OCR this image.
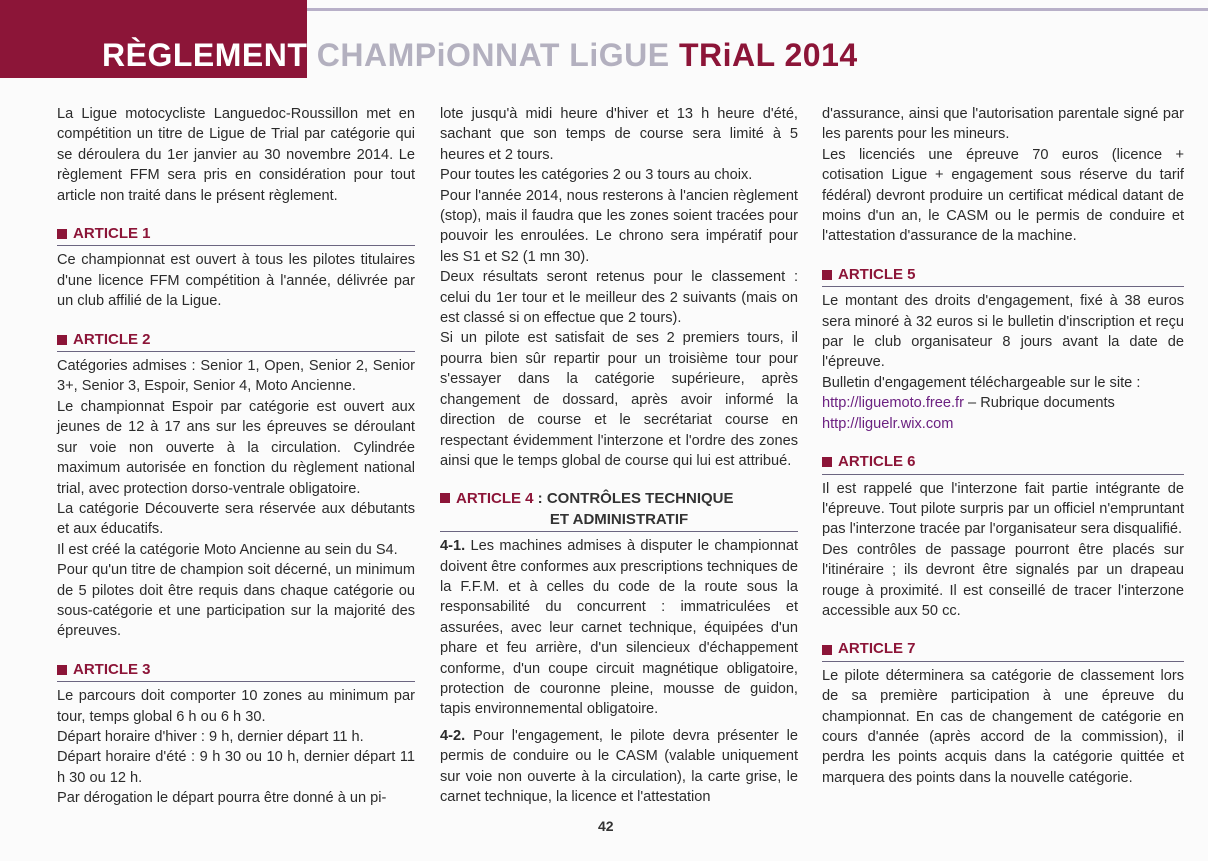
RÈGLEMENT CHAMPiONNAT LiGUE TRiAL 2014

La Ligue motocycliste Languedoc-Roussillon met en compétition un titre de Ligue de Trial par catégorie qui se déroulera du 1er janvier au 30 novembre 2014. Le règlement FFM sera pris en considération pour tout article non traité dans le présent règlement.

ARTICLE 1

Ce championnat est ouvert à tous les pilotes titulaires d'une licence FFM compétition à l'année, délivrée par un club affilié de la Ligue.

ARTICLE 2

Catégories admises : Senior 1, Open, Senior 2, Senior 3+, Senior 3, Espoir, Senior 4, Moto Ancienne.

Le championnat Espoir par catégorie est ouvert aux jeunes de 12 à 17 ans sur les épreuves se déroulant sur voie non ouverte à la circulation. Cylindrée maximum autorisée en fonction du règlement national trial, avec protection dorso-ventrale obligatoire.

La catégorie Découverte sera réservée aux débutants et aux éducatifs.

Il est créé la catégorie Moto Ancienne au sein du S4.

Pour qu'un titre de champion soit décerné, un minimum de 5 pilotes doit être requis dans chaque catégorie ou sous-catégorie et une participation sur la majorité des épreuves.

ARTICLE 3

Le parcours doit comporter 10 zones au minimum par tour, temps global 6 h ou 6 h 30.

Départ horaire d'hiver : 9 h, dernier départ 11 h.

Départ horaire d'été : 9 h 30 ou 10 h, dernier départ 11 h 30 ou 12 h.

Par dérogation le départ pourra être donné à un pi-

lote jusqu'à midi heure d'hiver et 13 h heure d'été, sachant que son temps de course sera limité à 5 heures et 2 tours.

Pour toutes les catégories 2 ou 3 tours au choix.

Pour l'année 2014, nous resterons à l'ancien règlement (stop), mais il faudra que les zones soient tracées pour pouvoir les enroulées. Le chrono sera impératif pour les S1 et S2 (1 mn 30).

Deux résultats seront retenus pour le classement : celui du 1er tour et le meilleur des 2 suivants (mais on est classé si on effectue que 2 tours).

Si un pilote est satisfait de ses 2 premiers tours, il pourra bien sûr repartir pour un troisième tour pour s'essayer dans la catégorie supérieure, après changement de dossard, après avoir informé la direction de course et le secrétariat course en respectant évidemment l'interzone et l'ordre des zones ainsi que le temps global de course qui lui est attribué.

ARTICLE 4 : CONTRÔLES TECHNIQUE
ET ADMINISTRATIF

4-1. Les machines admises à disputer le championnat doivent être conformes aux prescriptions techniques de la F.F.M. et à celles du code de la route sous la responsabilité du concurrent : immatriculées et assurées, avec leur carnet technique, équipées d'un phare et feu arrière, d'un silencieux d'échappement conforme, d'un coupe circuit magnétique obligatoire, protection de couronne pleine, mousse de guidon, tapis environnemental obligatoire.

4-2. Pour l'engagement, le pilote devra présenter le permis de conduire ou le CASM (valable uniquement sur voie non ouverte à la circulation), la carte grise, le carnet technique, la licence et l'attestation

d'assurance, ainsi que l'autorisation parentale signé par les parents pour les mineurs.

Les licenciés une épreuve 70 euros (licence + cotisation Ligue + engagement sous réserve du tarif fédéral) devront produire un certificat médical datant de moins d'un an, le CASM ou le permis de conduire et l'attestation d'assurance de la machine.

ARTICLE 5

Le montant des droits d'engagement, fixé à 38 euros sera minoré à 32 euros si le bulletin d'inscription et reçu par le club organisateur 8 jours avant la date de l'épreuve.

Bulletin d'engagement téléchargeable sur le site :

http://liguemoto.free.fr – Rubrique documents

http://liguelr.wix.com

ARTICLE 6

Il est rappelé que l'interzone fait partie intégrante de l'épreuve. Tout pilote surpris par un officiel n'empruntant pas l'interzone tracée par l'organisateur sera disqualifié.

Des contrôles de passage pourront être placés sur l'itinéraire ; ils devront être signalés par un drapeau rouge à proximité. Il est conseillé de tracer l'interzone accessible aux 50 cc.

ARTICLE 7

Le pilote déterminera sa catégorie de classement lors de sa première participation à une épreuve du championnat. En cas de changement de catégorie en cours d'année (après accord de la commission), il perdra les points acquis dans la catégorie quittée et marquera des points dans la nouvelle catégorie.

42
